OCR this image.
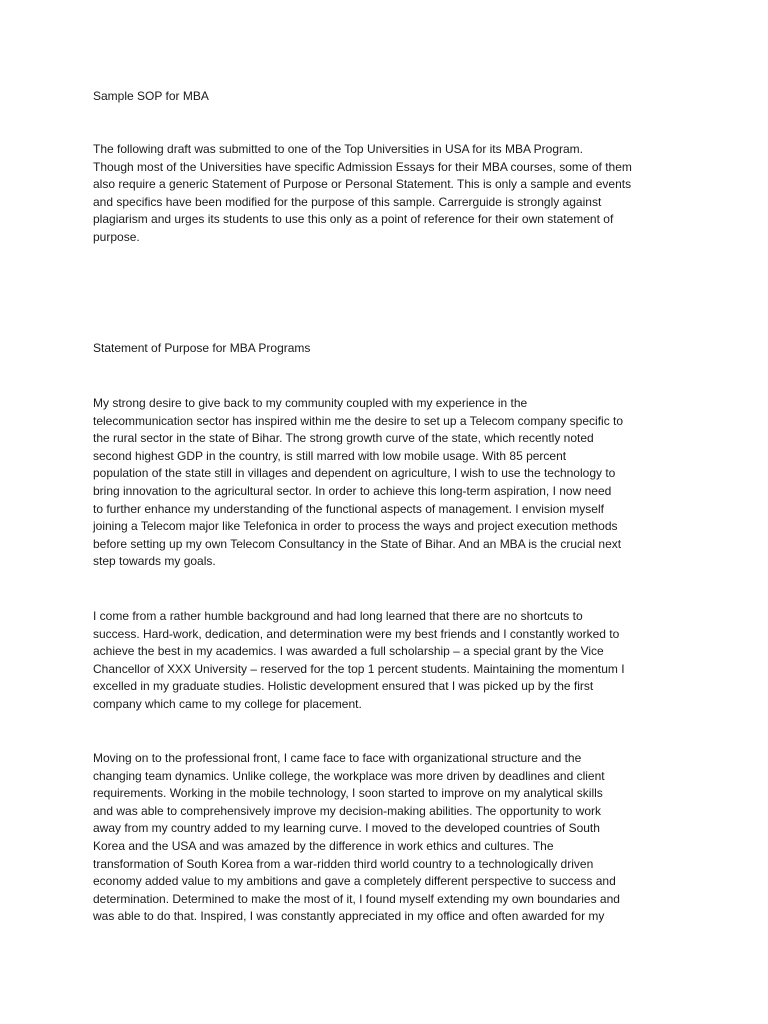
Sample SOP for MBA
The following draft was submitted to one of the Top Universities in USA for its MBA Program.
Though most of the Universities have specific Admission Essays for their MBA courses, some of them
also require a generic Statement of Purpose or Personal Statement. This is only a sample and events
and specifics have been modified for the purpose of this sample. Carrerguide is strongly against
plagiarism and urges its students to use this only as a point of reference for their own statement of
purpose.
Statement of Purpose for MBA Programs
My strong desire to give back to my community coupled with my experience in the
telecommunication sector has inspired within me the desire to set up a Telecom company specific to
the rural sector in the state of Bihar. The strong growth curve of the state, which recently noted
second highest GDP in the country, is still marred with low mobile usage. With 85 percent
population of the state still in villages and dependent on agriculture, I wish to use the technology to
bring innovation to the agricultural sector. In order to achieve this long-term aspiration, I now need
to further enhance my understanding of the functional aspects of management. I envision myself
joining a Telecom major like Telefonica in order to process the ways and project execution methods
before setting up my own Telecom Consultancy in the State of Bihar. And an MBA is the crucial next
step towards my goals.
I come from a rather humble background and had long learned that there are no shortcuts to
success. Hard-work, dedication, and determination were my best friends and I constantly worked to
achieve the best in my academics. I was awarded a full scholarship – a special grant by the Vice
Chancellor of XXX University – reserved for the top 1 percent students. Maintaining the momentum I
excelled in my graduate studies. Holistic development ensured that I was picked up by the first
company which came to my college for placement.
Moving on to the professional front, I came face to face with organizational structure and the
changing team dynamics. Unlike college, the workplace was more driven by deadlines and client
requirements. Working in the mobile technology, I soon started to improve on my analytical skills
and was able to comprehensively improve my decision-making abilities. The opportunity to work
away from my country added to my learning curve. I moved to the developed countries of South
Korea and the USA and was amazed by the difference in work ethics and cultures. The
transformation of South Korea from a war-ridden third world country to a technologically driven
economy added value to my ambitions and gave a completely different perspective to success and
determination. Determined to make the most of it, I found myself extending my own boundaries and
was able to do that. Inspired, I was constantly appreciated in my office and often awarded for my
